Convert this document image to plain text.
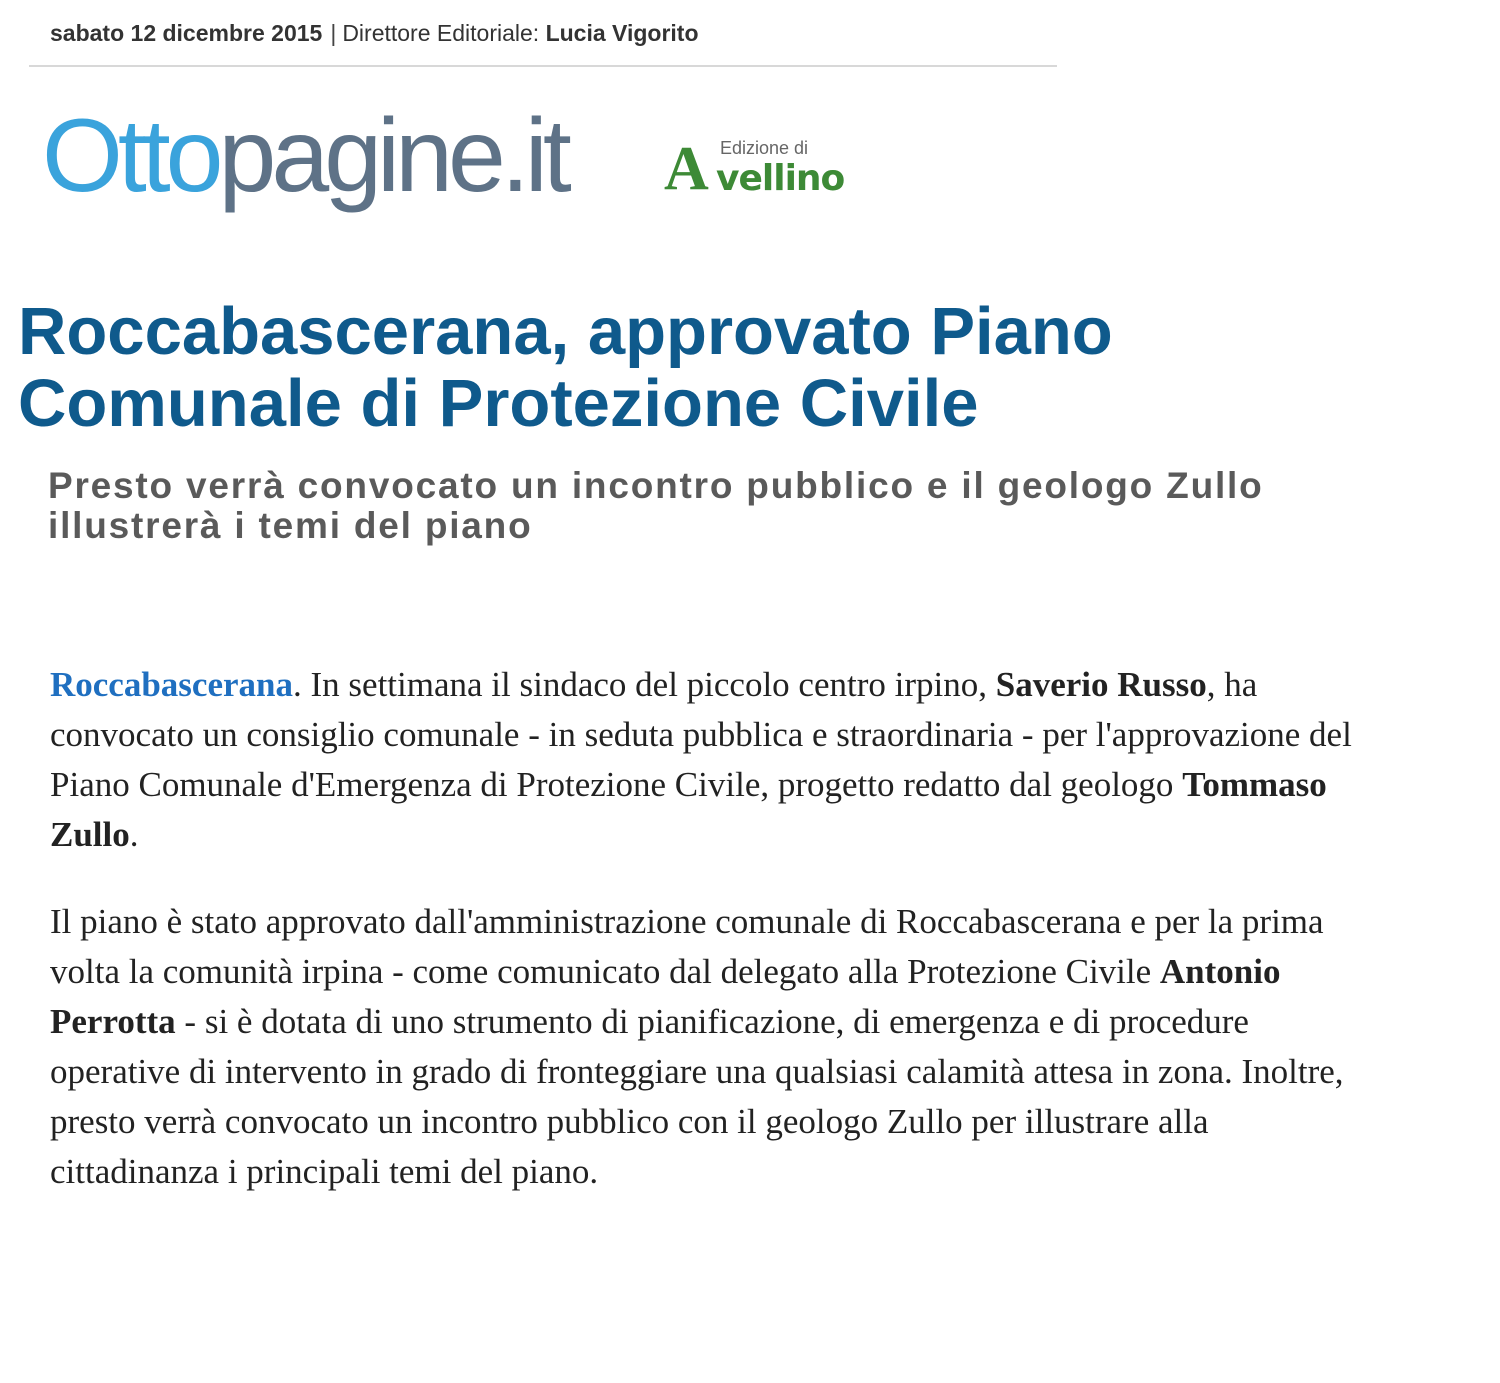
sabato 12 dicembre 2015 | Direttore Editoriale: Lucia Vigorito
Ottopagine.it A Edizione di
vellino
Roccabascerana, approvato Piano Comunale di Protezione Civile
Presto verrà convocato un incontro pubblico e il geologo Zullo illustrerà i temi del piano

Roccabascerana. In settimana il sindaco del piccolo centro irpino, Saverio Russo, ha convocato un consiglio comunale - in seduta pubblica e straordinaria - per l'approvazione del Piano Comunale d'Emergenza di Protezione Civile, progetto redatto dal geologo Tommaso Zullo.

Il piano è stato approvato dall'amministrazione comunale di Roccabascerana e per la prima volta la comunità irpina - come comunicato dal delegato alla Protezione Civile Antonio Perrotta - si è dotata di uno strumento di pianificazione, di emergenza e di procedure operative di intervento in grado di fronteggiare una qualsiasi calamità attesa in zona. Inoltre, presto verrà convocato un incontro pubblico con il geologo Zullo per illustrare alla cittadinanza i principali temi del piano.
